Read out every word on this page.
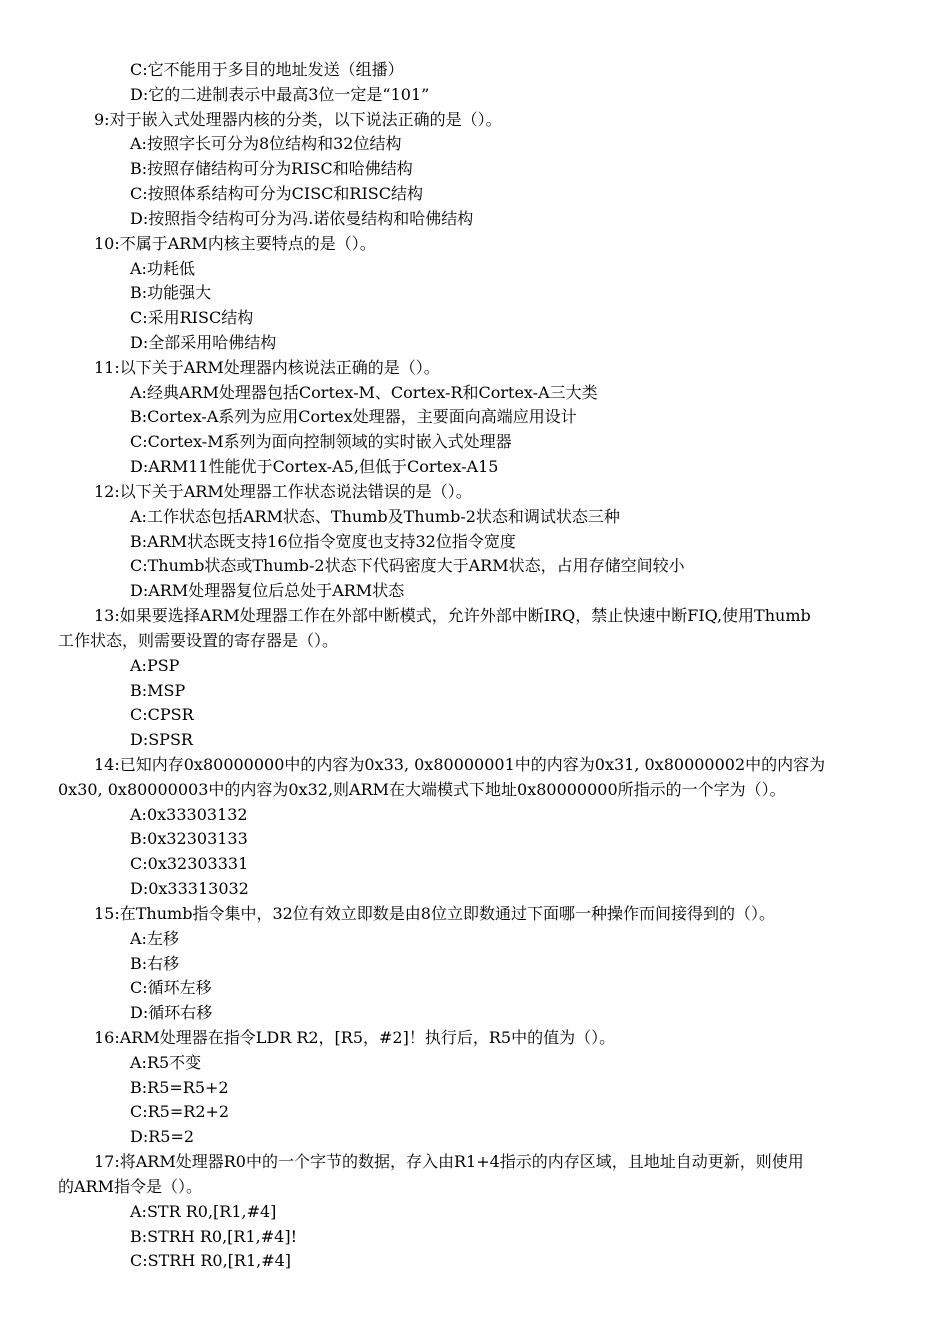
C:它不能用于多目的地址发送（组播）
D:它的二进制表示中最高3位一定是“101”
9:对于嵌入式处理器内核的分类，以下说法正确的是（）。
A:按照字长可分为8位结构和32位结构
B:按照存储结构可分为RISC和哈佛结构
C:按照体系结构可分为CISC和RISC结构
D:按照指令结构可分为冯.诺依曼结构和哈佛结构
10:不属于ARM内核主要特点的是（）。
A:功耗低
B:功能强大
C:采用RISC结构
D:全部采用哈佛结构
11:以下关于ARM处理器内核说法正确的是（）。
A:经典ARM处理器包括Cortex-M、Cortex-R和Cortex-A三大类
B:Cortex-A系列为应用Cortex处理器，主要面向高端应用设计
C:Cortex-M系列为面向控制领域的实时嵌入式处理器
D:ARM11性能优于Cortex-A5,但低于Cortex-A15
12:以下关于ARM处理器工作状态说法错误的是（）。
A:工作状态包括ARM状态、Thumb及Thumb-2状态和调试状态三种
B:ARM状态既支持16位指令宽度也支持32位指令宽度
C:Thumb状态或Thumb-2状态下代码密度大于ARM状态，占用存储空间较小
D:ARM处理器复位后总处于ARM状态
13:如果要选择ARM处理器工作在外部中断模式，允许外部中断IRQ，禁止快速中断FIQ,使用Thumb
工作状态，则需要设置的寄存器是（）。
A:PSP
B:MSP
C:CPSR
D:SPSR
14:已知内存0x80000000中的内容为0x33, 0x80000001中的内容为0x31, 0x80000002中的内容为
0x30, 0x80000003中的内容为0x32,则ARM在大端模式下地址0x80000000所指示的一个字为（）。
A:0x33303132
B:0x32303133
C:0x32303331
D:0x33313032
15:在Thumb指令集中，32位有效立即数是由8位立即数通过下面哪一种操作而间接得到的（）。
A:左移
B:右移
C:循环左移
D:循环右移
16:ARM处理器在指令LDR R2，[R5，#2]！执行后，R5中的值为（）。
A:R5不变
B:R5=R5+2
C:R5=R2+2
D:R5=2
17:将ARM处理器R0中的一个字节的数据，存入由R1+4指示的内存区域，且地址自动更新，则使用
的ARM指令是（）。
A:STR R0,[R1,#4]
B:STRH R0,[R1,#4]!
C:STRH R0,[R1,#4]
